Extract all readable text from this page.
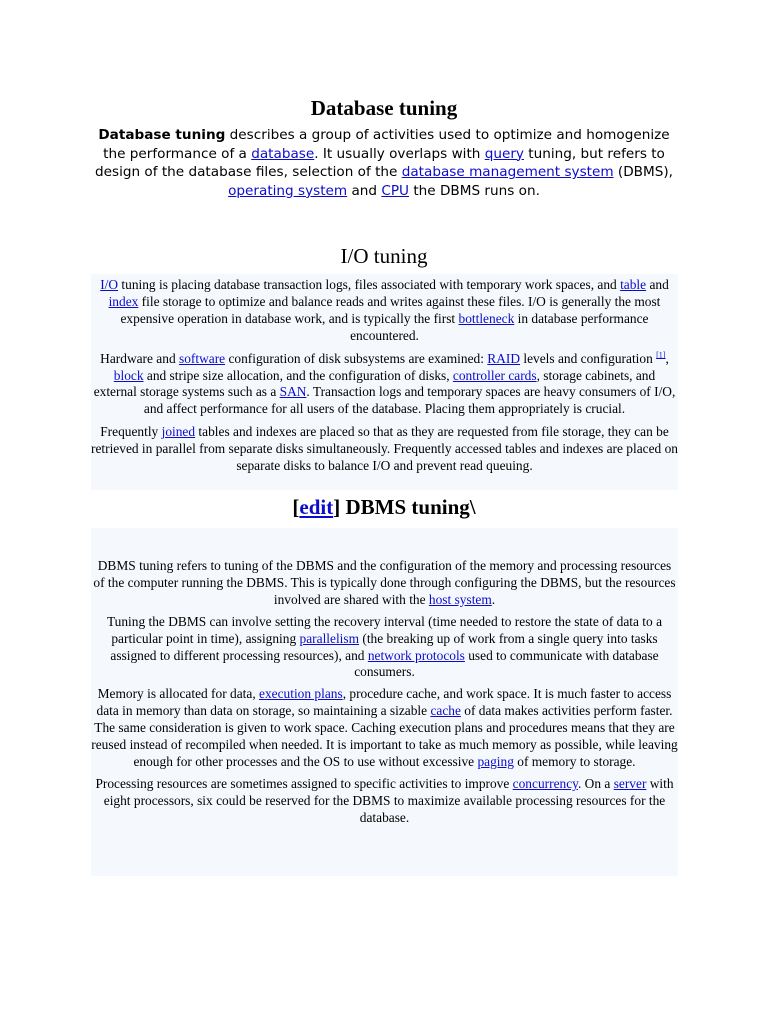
Database tuning

Database tuning describes a group of activities used to optimize and homogenize the performance of a database. It usually overlaps with query tuning, but refers to design of the database files, selection of the database management system (DBMS), operating system and CPU the DBMS runs on.

I/O tuning

I/O tuning is placing database transaction logs, files associated with temporary work spaces, and table and index file storage to optimize and balance reads and writes against these files. I/O is generally the most expensive operation in database work, and is typically the first bottleneck in database performance encountered.

Hardware and software configuration of disk subsystems are examined: RAID levels and configuration [1], block and stripe size allocation, and the configuration of disks, controller cards, storage cabinets, and external storage systems such as a SAN. Transaction logs and temporary spaces are heavy consumers of I/O, and affect performance for all users of the database. Placing them appropriately is crucial.

Frequently joined tables and indexes are placed so that as they are requested from file storage, they can be retrieved in parallel from separate disks simultaneously. Frequently accessed tables and indexes are placed on separate disks to balance I/O and prevent read queuing.

[edit] DBMS tuning\

DBMS tuning refers to tuning of the DBMS and the configuration of the memory and processing resources of the computer running the DBMS. This is typically done through configuring the DBMS, but the resources involved are shared with the host system.

Tuning the DBMS can involve setting the recovery interval (time needed to restore the state of data to a particular point in time), assigning parallelism (the breaking up of work from a single query into tasks assigned to different processing resources), and network protocols used to communicate with database consumers.

Memory is allocated for data, execution plans, procedure cache, and work space. It is much faster to access data in memory than data on storage, so maintaining a sizable cache of data makes activities perform faster. The same consideration is given to work space. Caching execution plans and procedures means that they are reused instead of recompiled when needed. It is important to take as much memory as possible, while leaving enough for other processes and the OS to use without excessive paging of memory to storage.

Processing resources are sometimes assigned to specific activities to improve concurrency. On a server with eight processors, six could be reserved for the DBMS to maximize available processing resources for the database.
